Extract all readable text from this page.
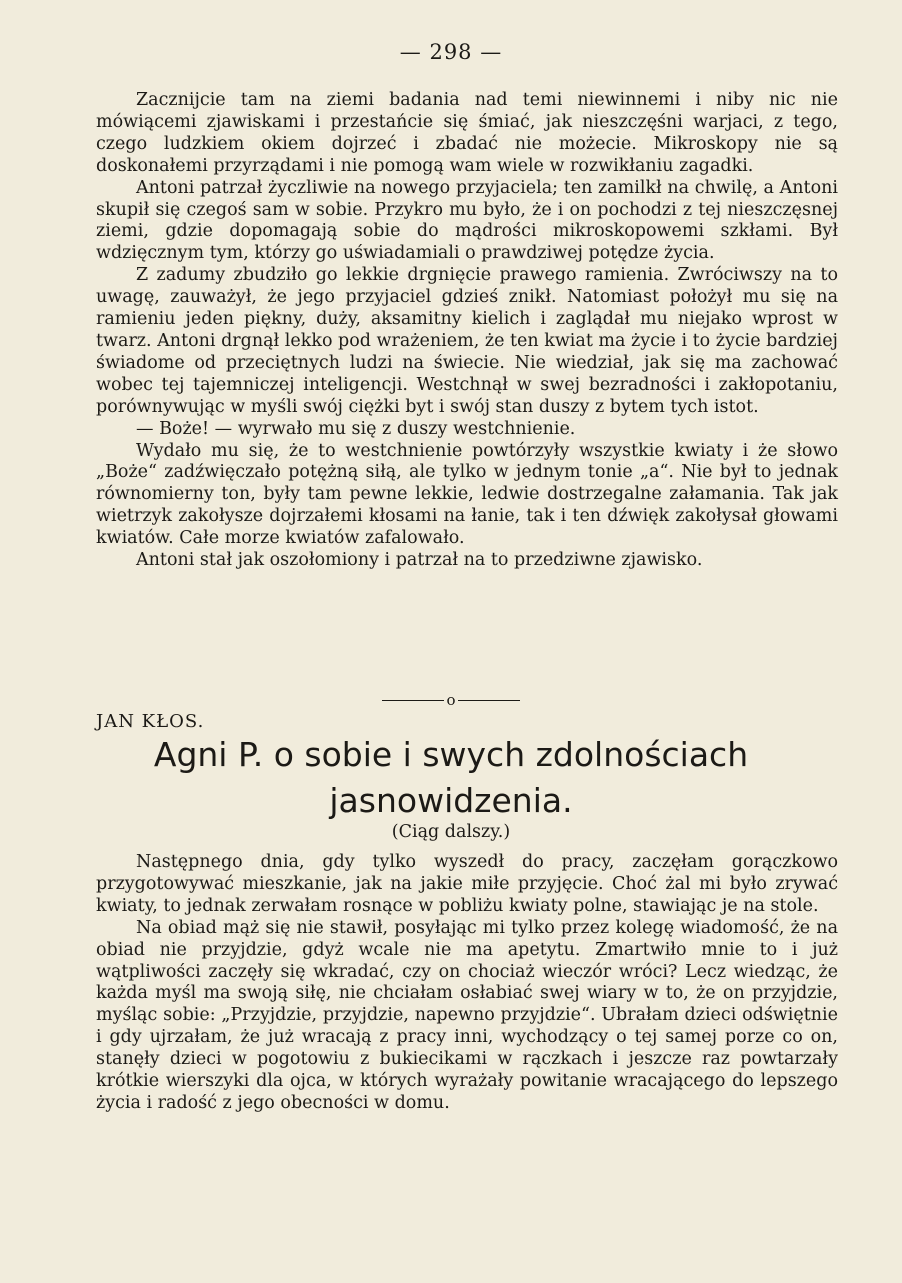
— 298 —

Zacznijcie tam na ziemi badania nad temi niewinnemi i niby nic nie mówiącemi zjawiskami i przestańcie się śmiać, jak nieszczęśni warjaci, z tego, czego ludzkiem okiem dojrzeć i zbadać nie możecie. Mikroskopy nie są doskonałemi przyrządami i nie pomogą wam wiele w rozwikłaniu zagadki.

Antoni patrzał życzliwie na nowego przyjaciela; ten zamilkł na chwilę, a Antoni skupił się czegoś sam w sobie. Przykro mu było, że i on pochodzi z tej nieszczęsnej ziemi, gdzie dopomagają sobie do mądrości mikroskopowemi szkłami. Był wdzięcznym tym, którzy go uświadamiali o prawdziwej potędze życia.

Z zadumy zbudziło go lekkie drgnięcie prawego ramienia. Zwróciwszy na to uwagę, zauważył, że jego przyjaciel gdzieś znikł. Natomiast położył mu się na ramieniu jeden piękny, duży, aksamitny kielich i zaglądał mu niejako wprost w twarz. Antoni drgnął lekko pod wrażeniem, że ten kwiat ma życie i to życie bardziej świadome od przeciętnych ludzi na świecie. Nie wiedział, jak się ma zachować wobec tej tajemniczej inteligencji. Westchnął w swej bezradności i zakłopotaniu, porównywując w myśli swój ciężki byt i swój stan duszy z bytem tych istot.

— Boże! — wyrwało mu się z duszy westchnienie.

Wydało mu się, że to westchnienie powtórzyły wszystkie kwiaty i że słowo „Boże“ zadźwięczało potężną siłą, ale tylko w jednym tonie „a“. Nie był to jednak równomierny ton, były tam pewne lekkie, ledwie dostrzegalne załamania. Tak jak wietrzyk zakołysze dojrzałemi kłosami na łanie, tak i ten dźwięk zakołysał głowami kwiatów. Całe morze kwiatów zafalowało.

Antoni stał jak oszołomiony i patrzał na to przedziwne zjawisko.

o
JAN KŁOS.
Agni P. o sobie i swych zdolnościach
jasnowidzenia.
(Ciąg dalszy.)

Następnego dnia, gdy tylko wyszedł do pracy, zaczęłam gorączkowo przygotowywać mieszkanie, jak na jakie miłe przyjęcie. Choć żal mi było zrywać kwiaty, to jednak zerwałam rosnące w pobliżu kwiaty polne, stawiając je na stole.

Na obiad mąż się nie stawił, posyłając mi tylko przez kolegę wiadomość, że na obiad nie przyjdzie, gdyż wcale nie ma apetytu. Zmartwiło mnie to i już wątpliwości zaczęły się wkradać, czy on chociaż wieczór wróci? Lecz wiedząc, że każda myśl ma swoją siłę, nie chciałam osłabiać swej wiary w to, że on przyjdzie, myśląc sobie: „Przyjdzie, przyjdzie, napewno przyjdzie“. Ubrałam dzieci odświętnie i gdy ujrzałam, że już wracają z pracy inni, wychodzący o tej samej porze co on, stanęły dzieci w pogotowiu z bukiecikami w rączkach i jeszcze raz powtarzały krótkie wierszyki dla ojca, w których wyrażały powitanie wracającego do lepszego życia i radość z jego obecności w domu.
